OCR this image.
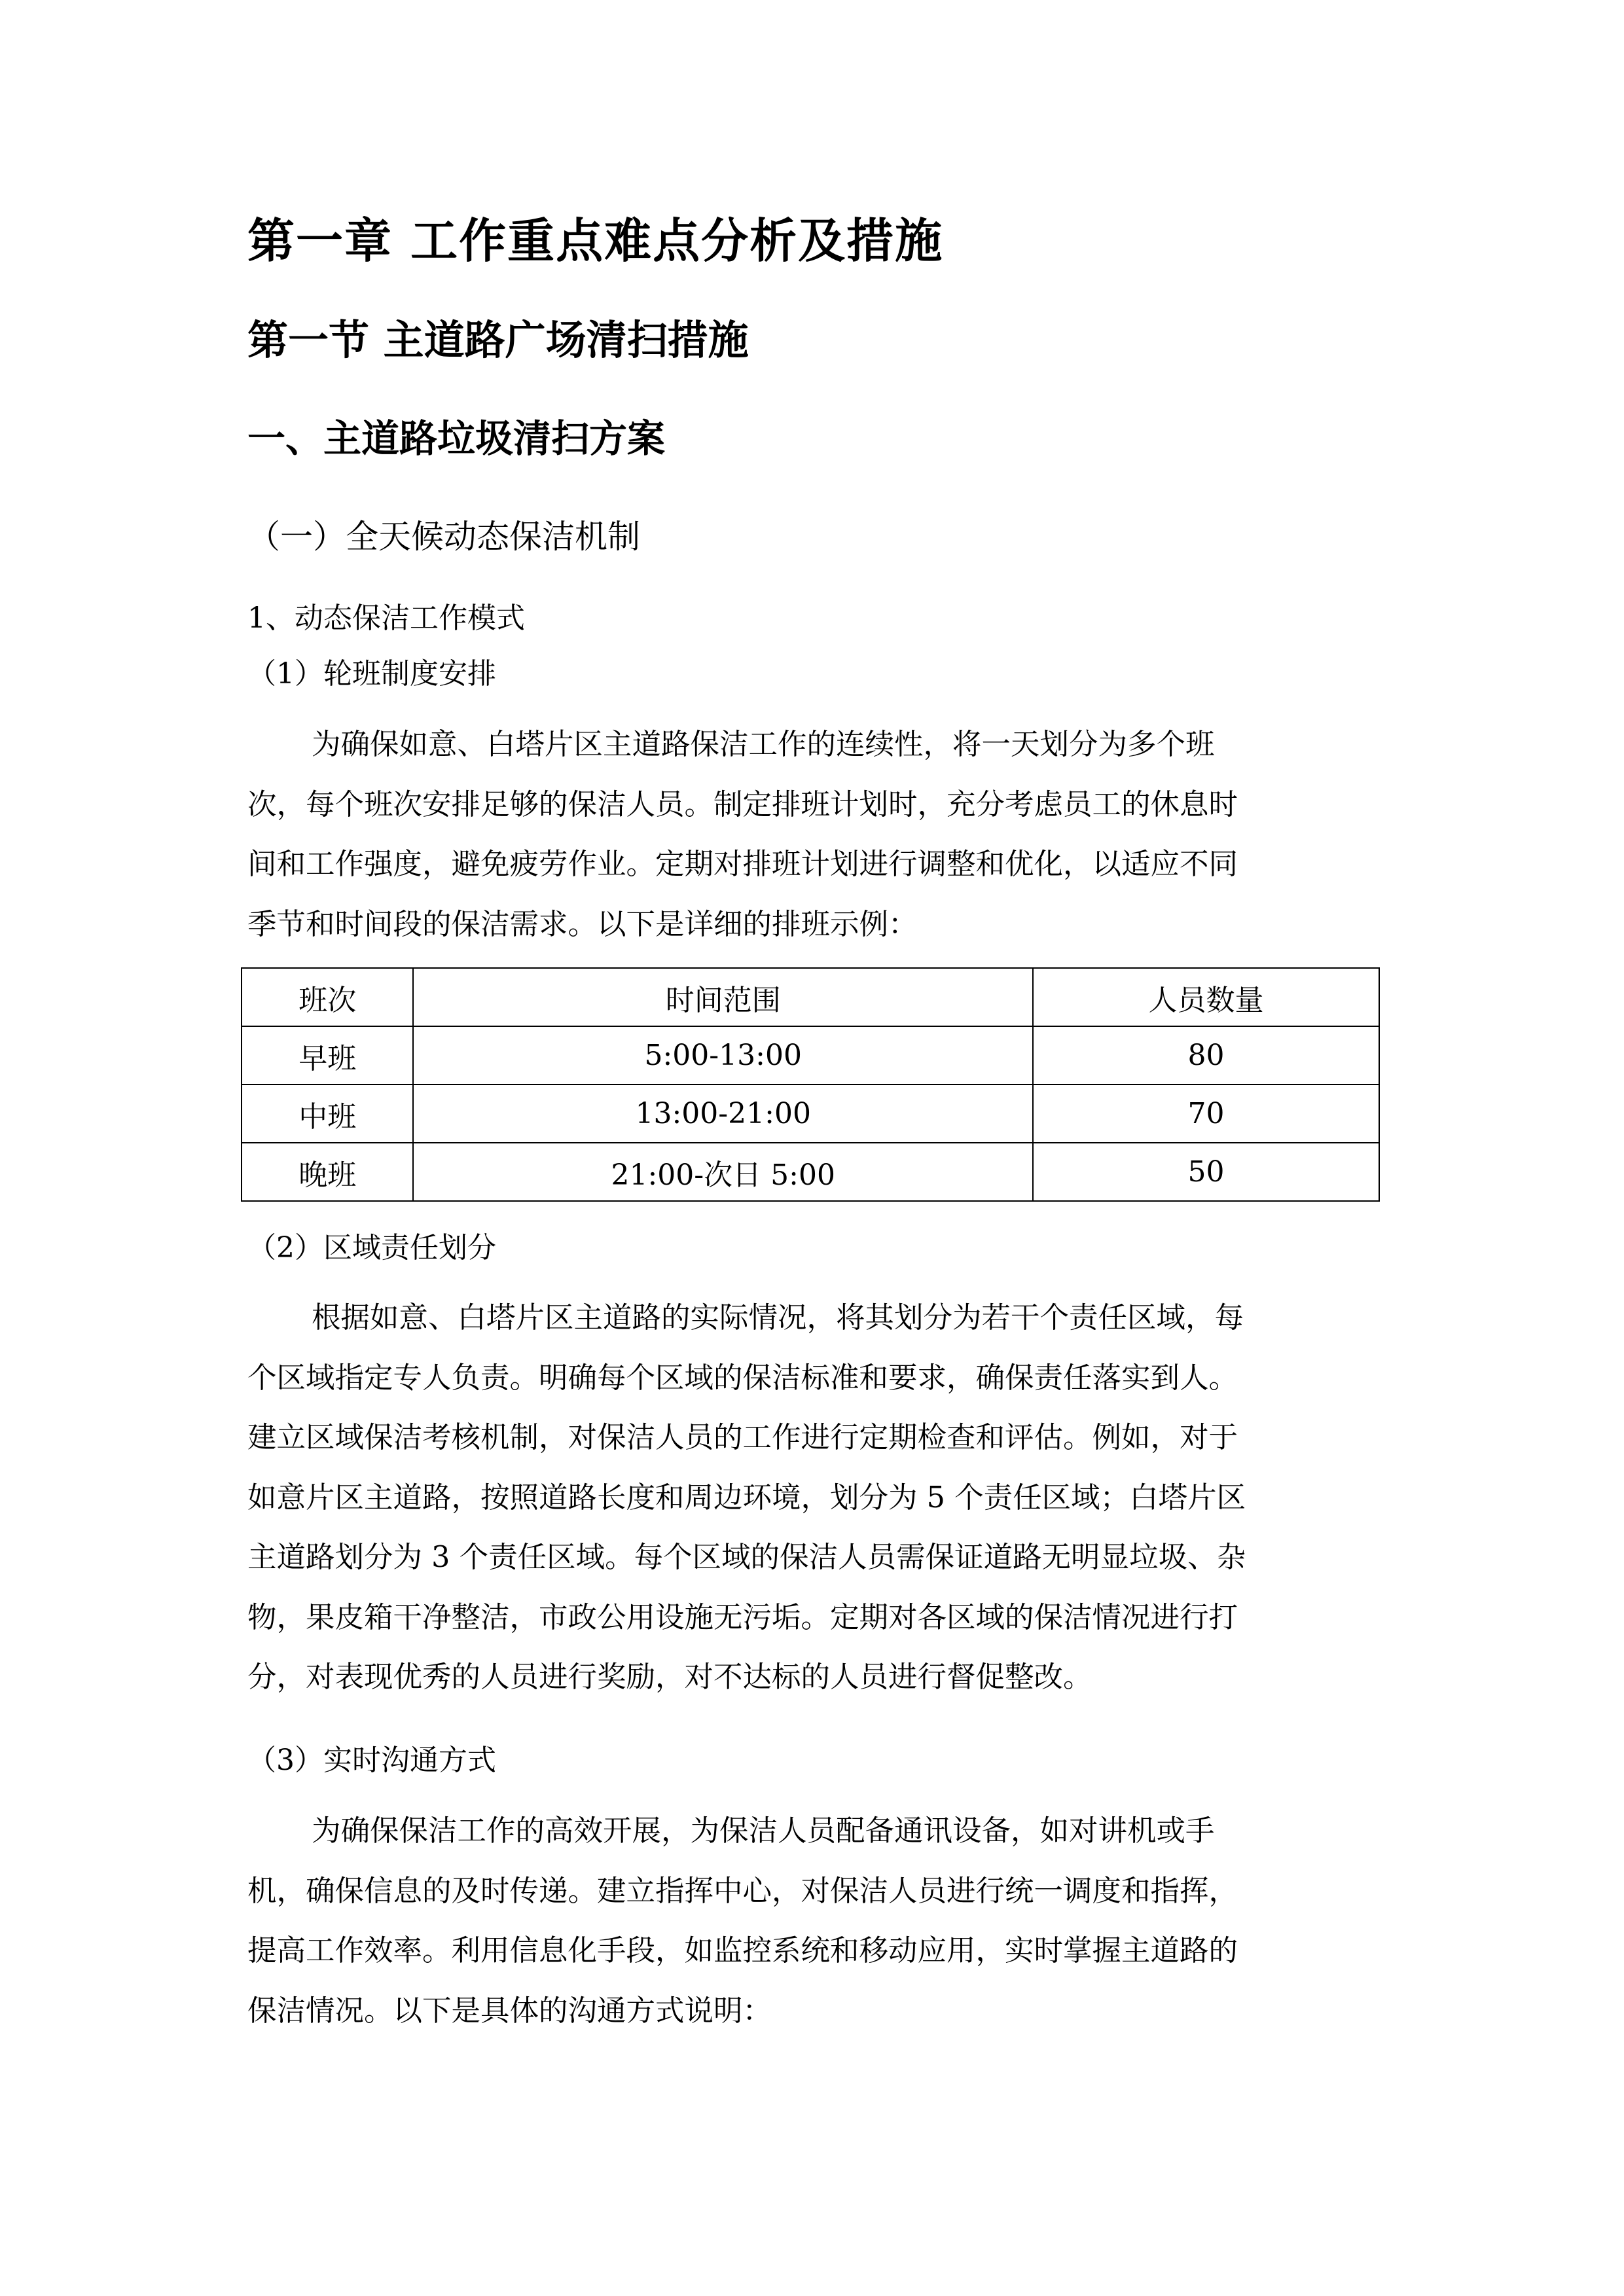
第一章 工作重点难点分析及措施
第一节 主道路广场清扫措施
一、主道路垃圾清扫方案
（一）全天候动态保洁机制
1、动态保洁工作模式
（1）轮班制度安排
为确保如意、白塔片区主道路保洁工作的连续性，将一天划分为多个班
次，每个班次安排足够的保洁人员。制定排班计划时，充分考虑员工的休息时
间和工作强度，避免疲劳作业。定期对排班计划进行调整和优化，以适应不同
季节和时间段的保洁需求。以下是详细的排班示例：
班次	时间范围	人员数量
早班	5:00-13:00	80
中班	13:00-21:00	70
晚班	21:00-次日 5:00	50
（2）区域责任划分
根据如意、白塔片区主道路的实际情况，将其划分为若干个责任区域，每
个区域指定专人负责。明确每个区域的保洁标准和要求，确保责任落实到人。
建立区域保洁考核机制，对保洁人员的工作进行定期检查和评估。例如，对于
如意片区主道路，按照道路长度和周边环境，划分为 5 个责任区域；白塔片区
主道路划分为 3 个责任区域。每个区域的保洁人员需保证道路无明显垃圾、杂
物，果皮箱干净整洁，市政公用设施无污垢。定期对各区域的保洁情况进行打
分，对表现优秀的人员进行奖励，对不达标的人员进行督促整改。
（3）实时沟通方式
为确保保洁工作的高效开展，为保洁人员配备通讯设备，如对讲机或手
机，确保信息的及时传递。建立指挥中心，对保洁人员进行统一调度和指挥，
提高工作效率。利用信息化手段，如监控系统和移动应用，实时掌握主道路的
保洁情况。以下是具体的沟通方式说明：
